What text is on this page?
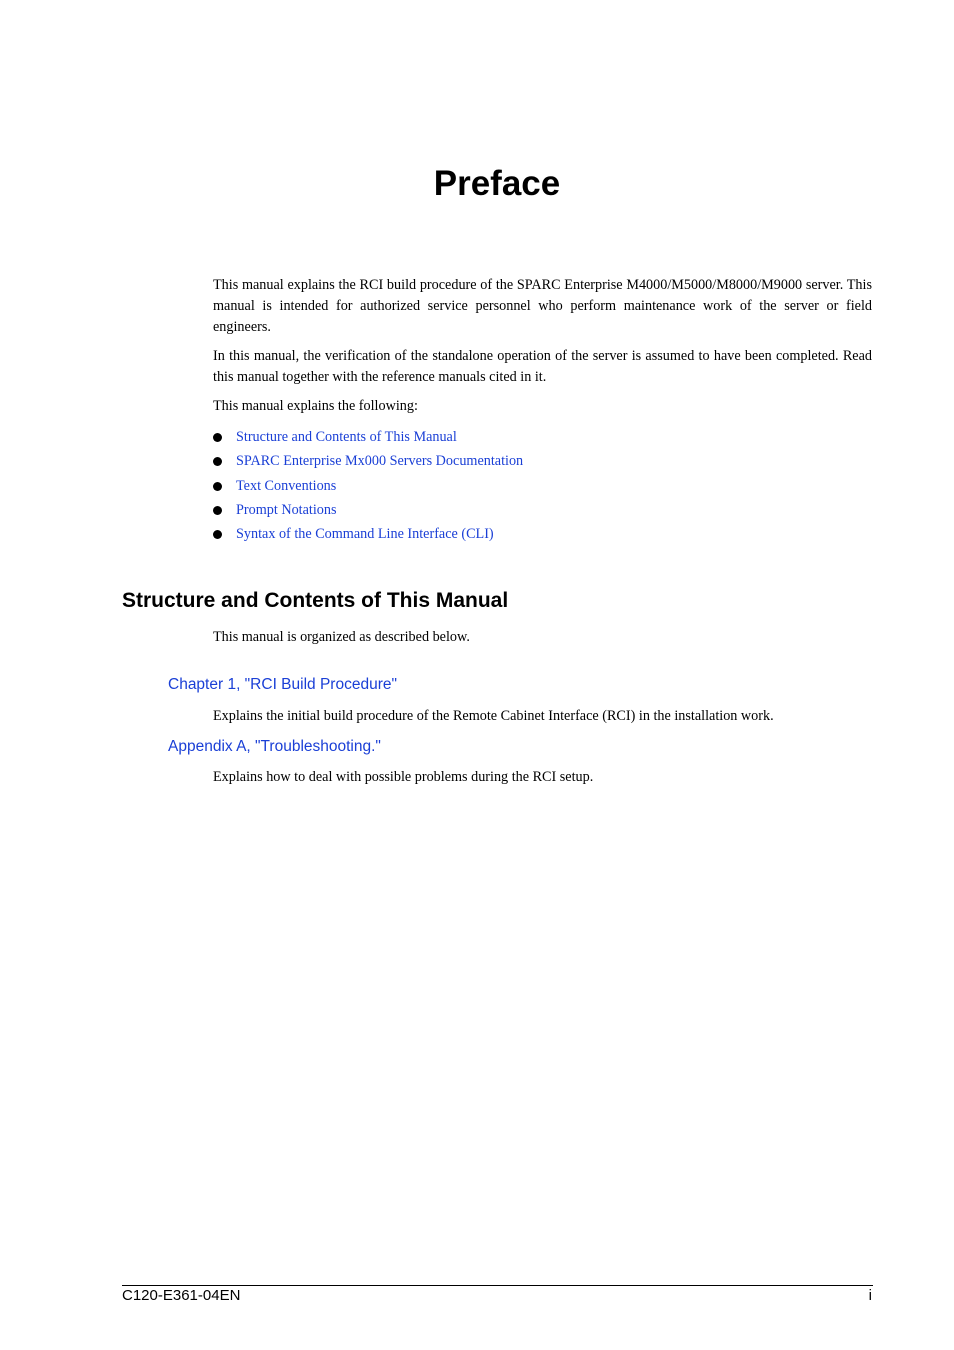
Preface

This manual explains the RCI build procedure of the SPARC Enterprise M4000/M5000/M8000/M9000 server. This manual is intended for authorized service personnel who perform maintenance work of the server or field engineers.

In this manual, the verification of the standalone operation of the server is assumed to have been completed. Read this manual together with the reference manuals cited in it.

This manual explains the following:

Structure and Contents of This Manual
SPARC Enterprise Mx000 Servers Documentation
Text Conventions
Prompt Notations
Syntax of the Command Line Interface (CLI)
Structure and Contents of This Manual

This manual is organized as described below.

Chapter 1, "RCI Build Procedure"

Explains the initial build procedure of the Remote Cabinet Interface (RCI) in the installation work.

Appendix A, "Troubleshooting."

Explains how to deal with possible problems during the RCI setup.

C120-E361-04EN	i
